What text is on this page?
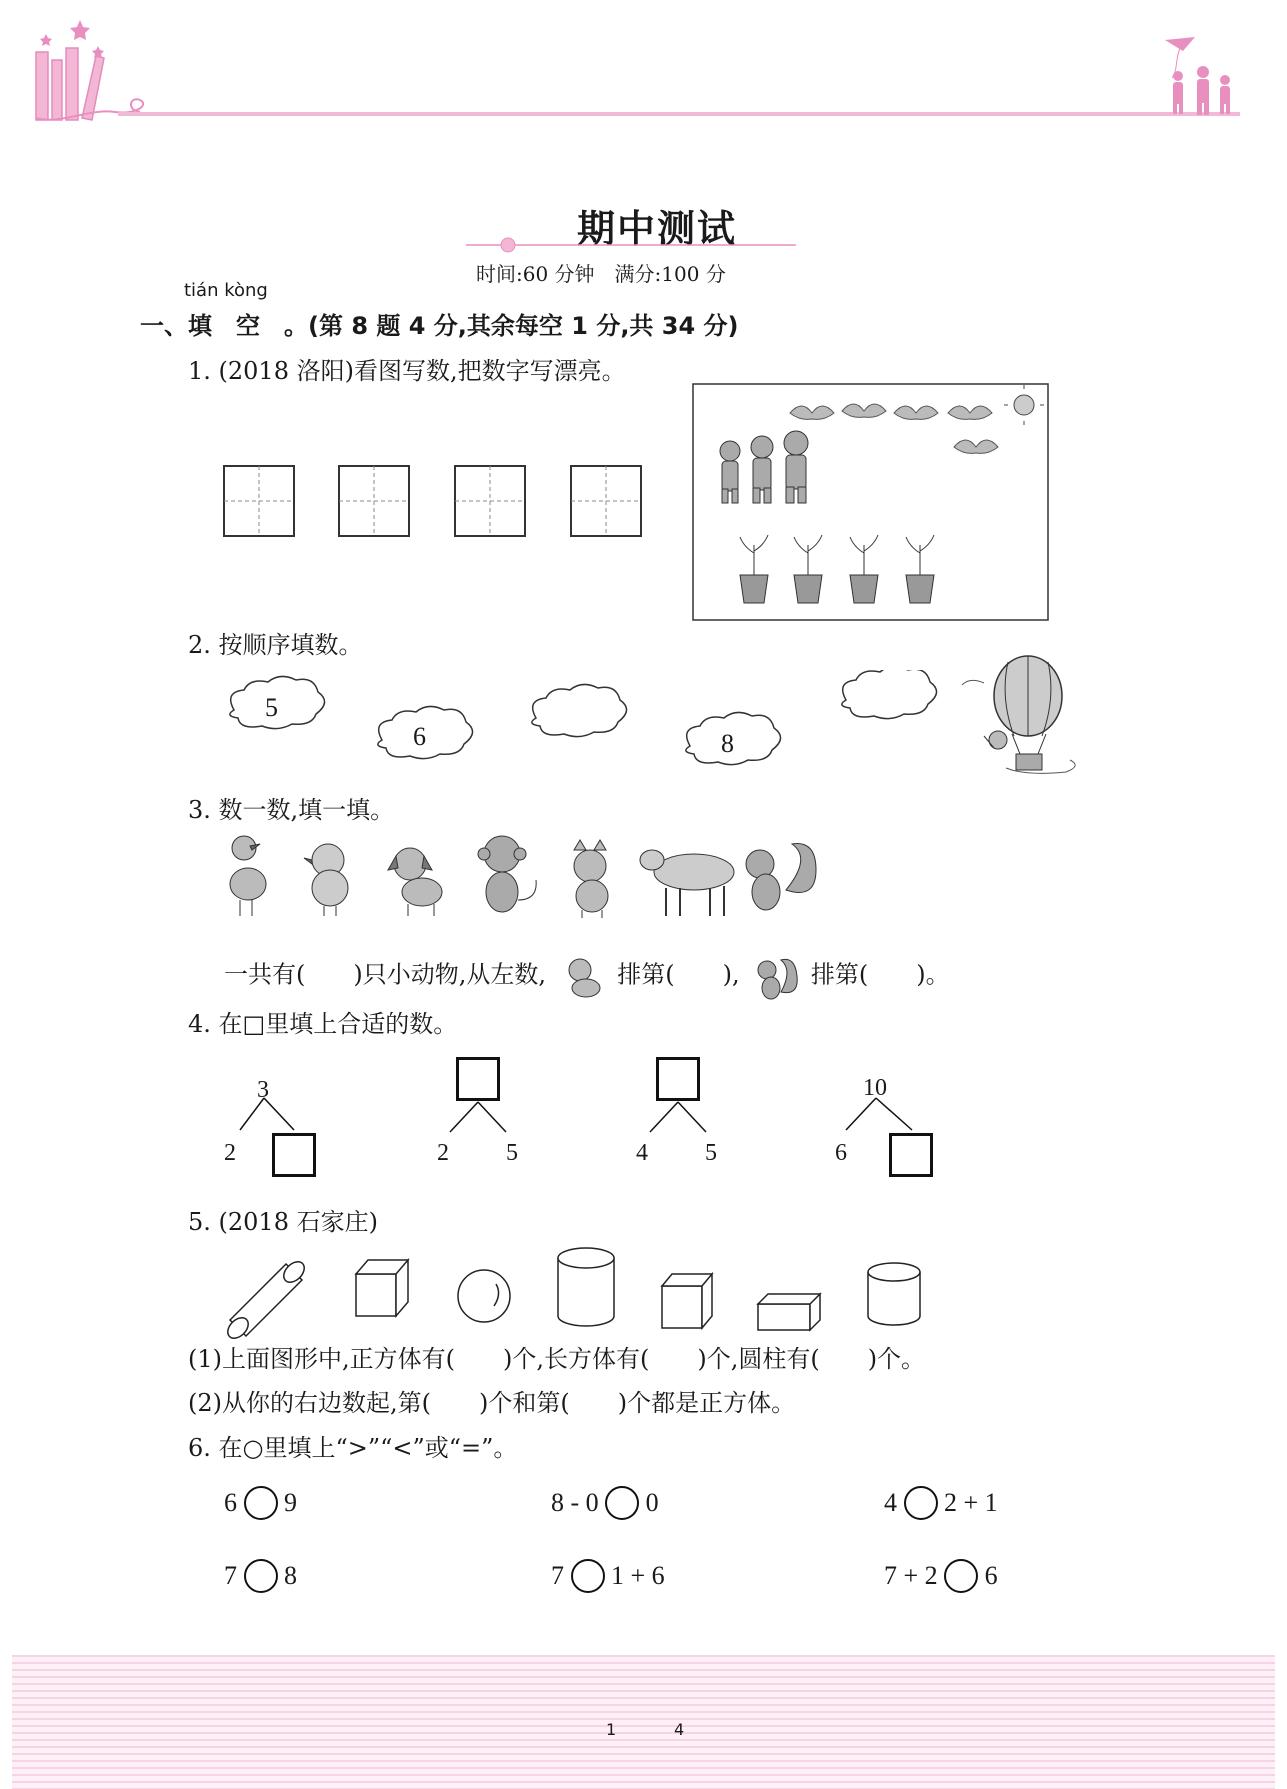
期中测试
时间:60 分钟　满分:100 分
tián kòng
一、填　空　。(第 8 题 4 分,其余每空 1 分,共 34 分)
1. (2018 洛阳)看图写数,把数字写漂亮。
2. 按顺序填数。
5
6	8
3. 数一数,填一填。
一共有(　　)只小动物,从左数,	排第(　　),	排第(　　)。
4. 在□里填上合适的数。
3
2	2 5	4 5
10
6
5. (2018 石家庄)
(1)上面图形中,正方体有(　　)个,长方体有(　　)个,圆柱有(　　)个。
(2)从你的右边数起,第(　　)个和第(　　)个都是正方体。
6. 在○里填上“>”“<”或“=”。
6 9	8 - 0 0	4 2 + 1
7 8	7 1 + 6	7 + 2 6
1	4
